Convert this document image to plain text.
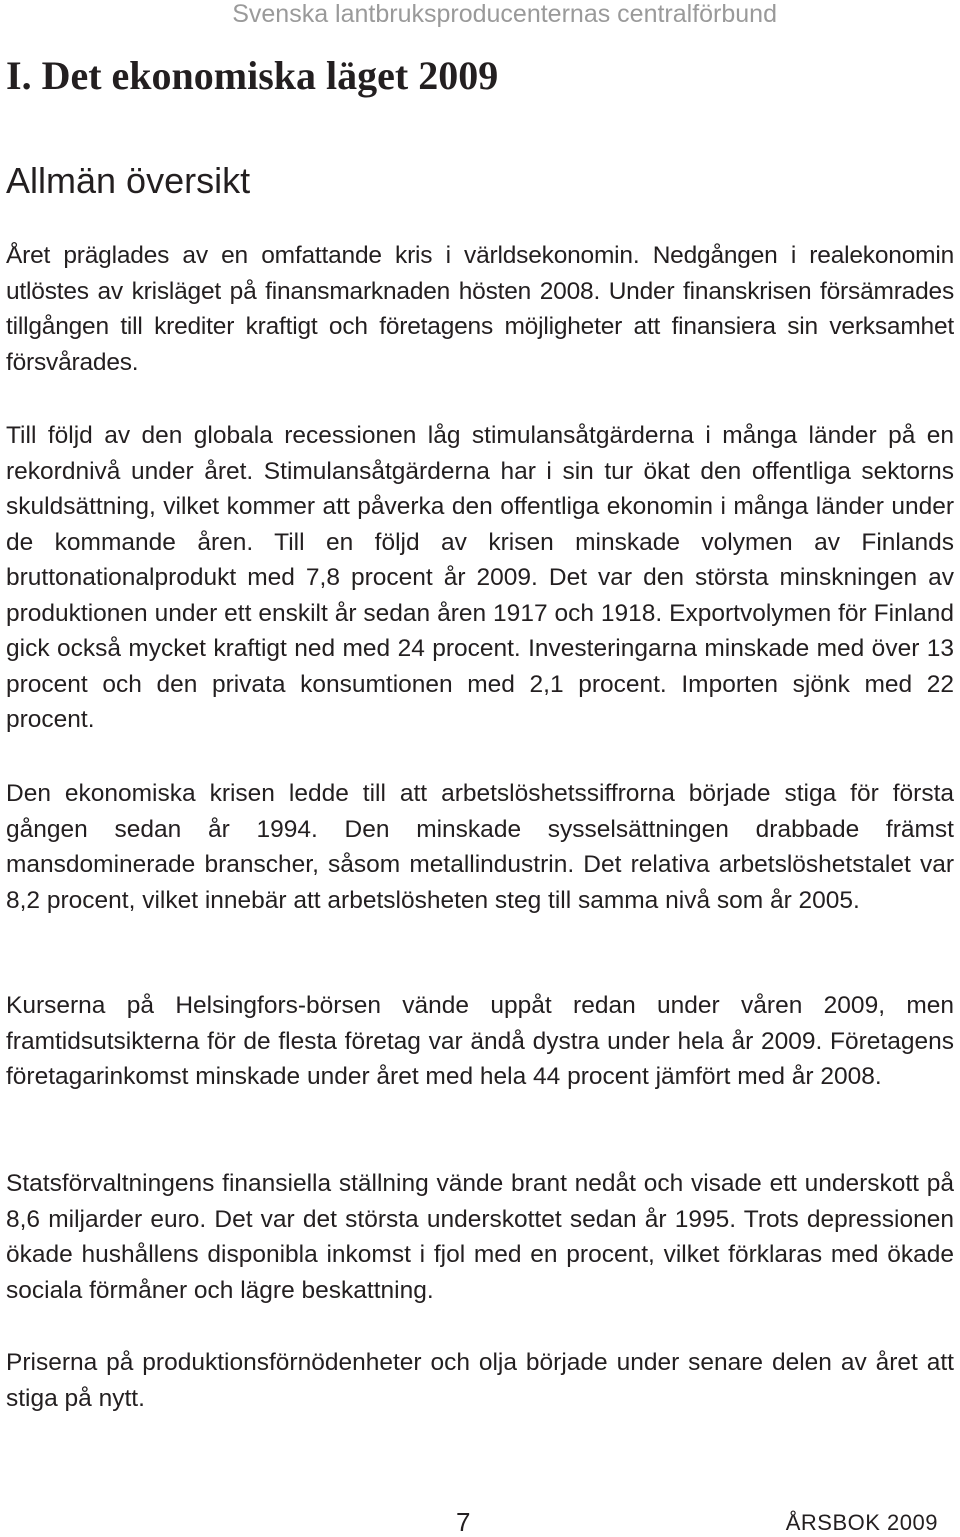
Svenska lantbruksproducenternas centralförbund
I. Det ekonomiska läget 2009
Allmän översikt

Året präglades av en omfattande kris i världsekonomin. Nedgången i realekonomin utlöstes av krisläget på finansmarknaden hösten 2008. Under finanskrisen försämrades tillgången till krediter kraftigt och företagens möjligheter att finansiera sin verksamhet försvårades.

Till följd av den globala recessionen låg stimulansåtgärderna i många länder på en rekordnivå under året. Stimulansåtgärderna har i sin tur ökat den offentliga sektorns skuldsättning, vilket kommer att påverka den offentliga ekonomin i många länder under de kommande åren. Till en följd av krisen minskade volymen av Finlands bruttonationalprodukt med 7,8 procent år 2009. Det var den största minskningen av produktionen under ett enskilt år sedan åren 1917 och 1918. Exportvolymen för Finland gick också mycket kraftigt ned med 24 procent. Investeringarna minskade med över 13 procent och den privata konsumtionen med 2,1 procent. Importen sjönk med 22 procent.

Den ekonomiska krisen ledde till att arbetslöshetssiffrorna började stiga för första gången sedan år 1994. Den minskade sysselsättningen drabbade främst mansdominerade branscher, såsom metallindustrin. Det relativa arbetslöshetstalet var 8,2 procent, vilket innebär att arbetslösheten steg till samma nivå som år 2005.

Kurserna på Helsingfors-börsen vände uppåt redan under våren 2009, men framtidsutsikterna för de flesta företag var ändå dystra under hela år 2009. Företagens företagarinkomst minskade under året med hela 44 procent jämfört med år 2008.

Statsförvaltningens finansiella ställning vände brant nedåt och visade ett underskott på 8,6 miljarder euro. Det var det största underskottet sedan år 1995. Trots depressionen ökade hushållens disponibla inkomst i fjol med en procent, vilket förklaras med ökade sociala förmåner och lägre beskattning.

Priserna på produktionsförnödenheter och olja började under senare delen av året att stiga på nytt.

7	ÅRSBOK 2009
